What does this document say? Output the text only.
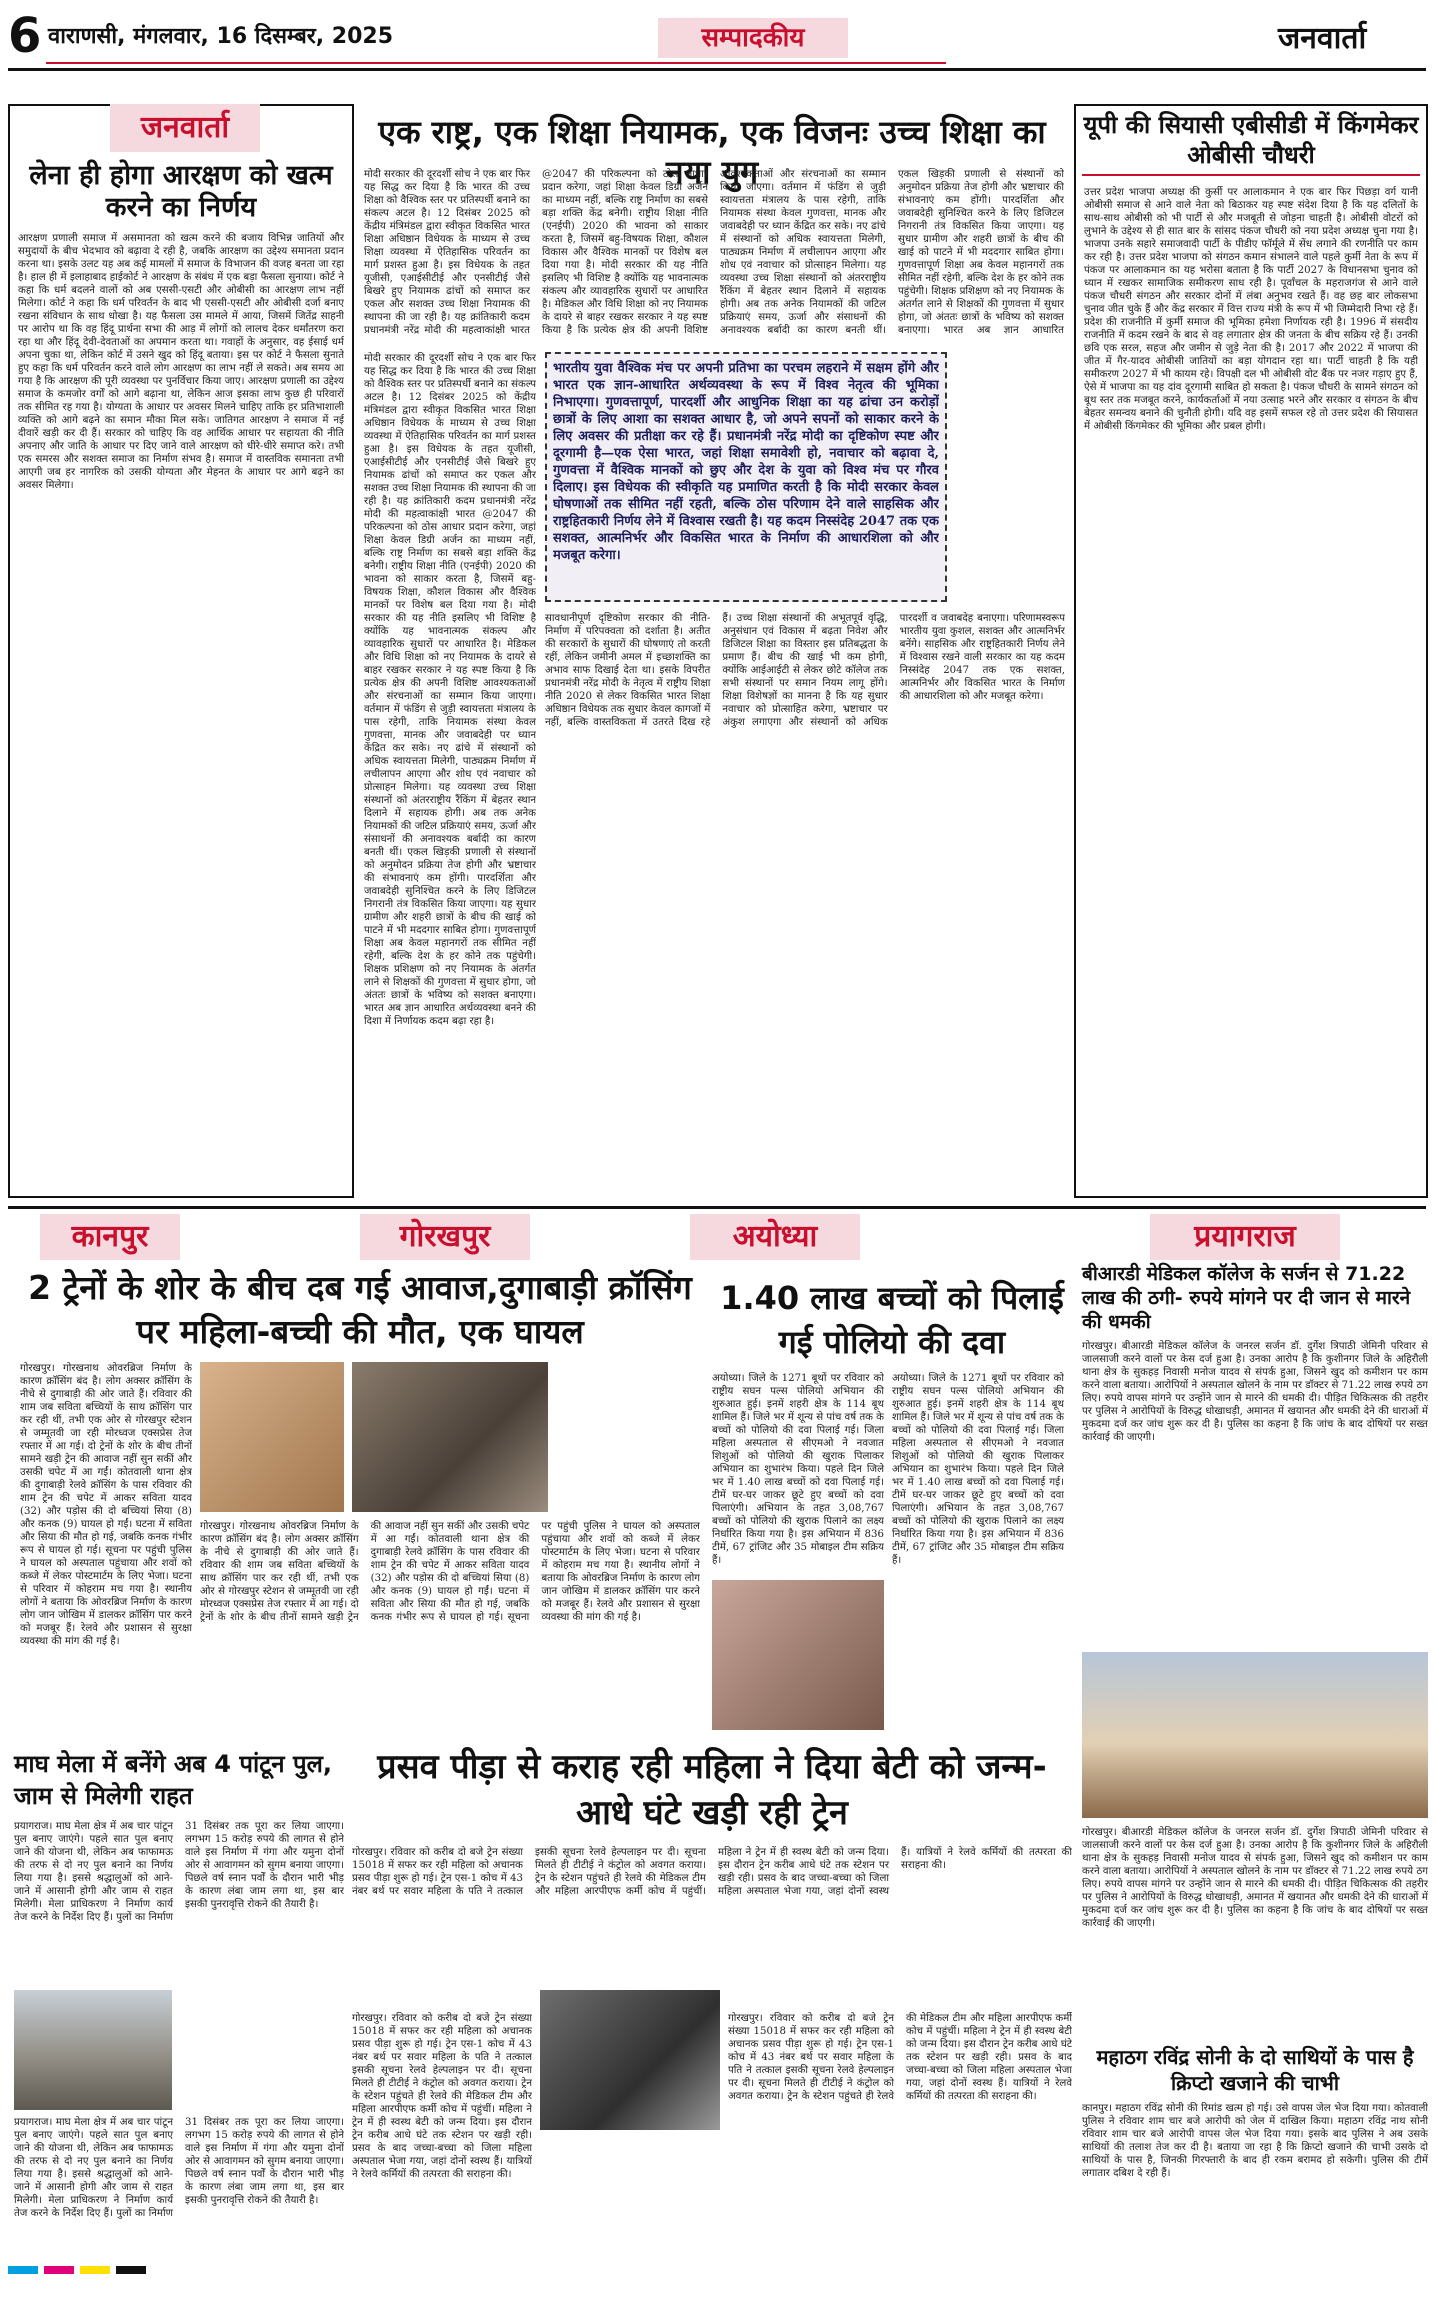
6 वाराणसी, मंगलवार, 16 दिसम्बर, 2025	सम्पादकीय	जनवार्ता
जनवार्ता
लेना ही होगा आरक्षण को खत्म करने का निर्णय
आरक्षण प्रणाली समाज में असमानता को खत्म करने की बजाय विभिन्न जातियों और समुदायों के बीच भेदभाव को बढ़ावा दे रही है, जबकि आरक्षण का उद्देश्य समानता प्रदान करना था। इसके उलट यह अब कई मामलों में समाज के विभाजन की वजह बनता जा रहा है। हाल ही में इलाहाबाद हाईकोर्ट ने आरक्षण के संबंध में एक बड़ा फैसला सुनाया। कोर्ट ने कहा कि धर्म बदलने वालों को अब एससी-एसटी और ओबीसी का आरक्षण लाभ नहीं मिलेगा। कोर्ट ने कहा कि धर्म परिवर्तन के बाद भी एससी-एसटी और ओबीसी दर्जा बनाए रखना संविधान के साथ धोखा है। यह फैसला उस मामले में आया, जिसमें जितेंद्र साहनी पर आरोप था कि वह हिंदू प्रार्थना सभा की आड़ में लोगों को लालच देकर धर्मांतरण करा रहा था और हिंदू देवी-देवताओं का अपमान करता था। गवाहों के अनुसार, वह ईसाई धर्म अपना चुका था, लेकिन कोर्ट में उसने खुद को हिंदू बताया। इस पर कोर्ट ने फैसला सुनाते हुए कहा कि धर्म परिवर्तन करने वाले लोग आरक्षण का लाभ नहीं ले सकते। अब समय आ गया है कि आरक्षण की पूरी व्यवस्था पर पुनर्विचार किया जाए। आरक्षण प्रणाली का उद्देश्य समाज के कमजोर वर्गों को आगे बढ़ाना था, लेकिन आज इसका लाभ कुछ ही परिवारों तक सीमित रह गया है। योग्यता के आधार पर अवसर मिलने चाहिए ताकि हर प्रतिभाशाली व्यक्ति को आगे बढ़ने का समान मौका मिल सके। जातिगत आरक्षण ने समाज में नई दीवारें खड़ी कर दी हैं। सरकार को चाहिए कि वह आर्थिक आधार पर सहायता की नीति अपनाए और जाति के आधार पर दिए जाने वाले आरक्षण को धीरे-धीरे समाप्त करे। तभी एक समरस और सशक्त समाज का निर्माण संभव है। समाज में वास्तविक समानता तभी आएगी जब हर नागरिक को उसकी योग्यता और मेहनत के आधार पर आगे बढ़ने का अवसर मिलेगा।
एक राष्ट्र, एक शिक्षा नियामक, एक विजनः उच्च शिक्षा का नया युग
मोदी सरकार की दूरदर्शी सोच ने एक बार फिर यह सिद्ध कर दिया है कि भारत की उच्च शिक्षा को वैश्विक स्तर पर प्रतिस्पर्धी बनाने का संकल्प अटल है। 12 दिसंबर 2025 को केंद्रीय मंत्रिमंडल द्वारा स्वीकृत विकसित भारत शिक्षा अधिष्ठान विधेयक के माध्यम से उच्च शिक्षा व्यवस्था में ऐतिहासिक परिवर्तन का मार्ग प्रशस्त हुआ है। इस विधेयक के तहत यूजीसी, एआईसीटीई और एनसीटीई जैसे बिखरे हुए नियामक ढांचों को समाप्त कर एकल और सशक्त उच्च शिक्षा नियामक की स्थापना की जा रही है। यह क्रांतिकारी कदम प्रधानमंत्री नरेंद्र मोदी की महत्वाकांक्षी भारत @2047 की परिकल्पना को ठोस आधार प्रदान करेगा, जहां शिक्षा केवल डिग्री अर्जन का माध्यम नहीं, बल्कि राष्ट्र निर्माण का सबसे बड़ा शक्ति केंद्र बनेगी। राष्ट्रीय शिक्षा नीति (एनईपी) 2020 की भावना को साकार करता है, जिसमें बहु-विषयक शिक्षा, कौशल विकास और वैश्विक मानकों पर विशेष बल दिया गया है। मोदी सरकार की यह नीति इसलिए भी विशिष्ट है क्योंकि यह भावनात्मक संकल्प और व्यावहारिक सुधारों पर आधारित है। मेडिकल और विधि शिक्षा को नए नियामक के दायरे से बाहर रखकर सरकार ने यह स्पष्ट किया है कि प्रत्येक क्षेत्र की अपनी विशिष्ट आवश्यकताओं और संरचनाओं का सम्मान किया जाएगा। वर्तमान में फंडिंग से जुड़ी स्वायत्तता मंत्रालय के पास रहेगी, ताकि नियामक संस्था केवल गुणवत्ता, मानक और जवाबदेही पर ध्यान केंद्रित कर सके। नए ढांचे में संस्थानों को अधिक स्वायत्तता मिलेगी, पाठ्यक्रम निर्माण में लचीलापन आएगा और शोध एवं नवाचार को प्रोत्साहन मिलेगा। यह व्यवस्था उच्च शिक्षा संस्थानों को अंतरराष्ट्रीय रैंकिंग में बेहतर स्थान दिलाने में सहायक होगी। अब तक अनेक नियामकों की जटिल प्रक्रियाएं समय, ऊर्जा और संसाधनों की अनावश्यक बर्बादी का कारण बनती थीं। एकल खिड़की प्रणाली से संस्थानों को अनुमोदन प्रक्रिया तेज होगी और भ्रष्टाचार की संभावनाएं कम होंगी। पारदर्शिता और जवाबदेही सुनिश्चित करने के लिए डिजिटल निगरानी तंत्र विकसित किया जाएगा। यह सुधार ग्रामीण और शहरी छात्रों के बीच की खाई को पाटने में भी मददगार साबित होगा। गुणवत्तापूर्ण शिक्षा अब केवल महानगरों तक सीमित नहीं रहेगी, बल्कि देश के हर कोने तक पहुंचेगी। शिक्षक प्रशिक्षण को नए नियामक के अंतर्गत लाने से शिक्षकों की गुणवत्ता में सुधार होगा, जो अंततः छात्रों के भविष्य को सशक्त बनाएगा। भारत अब ज्ञान आधारित
भारतीय युवा वैश्विक मंच पर अपनी प्रतिभा का परचम लहराने में सक्षम होंगे और भारत एक ज्ञान-आधारित अर्थव्यवस्था के रूप में विश्व नेतृत्व की भूमिका निभाएगा। गुणवत्तापूर्ण, पारदर्शी और आधुनिक शिक्षा का यह ढांचा उन करोड़ों छात्रों के लिए आशा का सशक्त आधार है, जो अपने सपनों को साकार करने के लिए अवसर की प्रतीक्षा कर रहे हैं। प्रधानमंत्री नरेंद्र मोदी का दृष्टिकोण स्पष्ट और दूरगामी है—एक ऐसा भारत, जहां शिक्षा समावेशी हो, नवाचार को बढ़ावा दे, गुणवत्ता में वैश्विक मानकों को छुए और देश के युवा को विश्व मंच पर गौरव दिलाए। इस विधेयक की स्वीकृति यह प्रमाणित करती है कि मोदी सरकार केवल घोषणाओं तक सीमित नहीं रहती, बल्कि ठोस परिणाम देने वाले साहसिक और राष्ट्रहितकारी निर्णय लेने में विश्वास रखती है। यह कदम निस्संदेह 2047 तक एक सशक्त, आत्मनिर्भर और विकसित भारत के निर्माण की आधारशिला को और मजबूत करेगा।
मोदी सरकार की दूरदर्शी सोच ने एक बार फिर यह सिद्ध कर दिया है कि भारत की उच्च शिक्षा को वैश्विक स्तर पर प्रतिस्पर्धी बनाने का संकल्प अटल है। 12 दिसंबर 2025 को केंद्रीय मंत्रिमंडल द्वारा स्वीकृत विकसित भारत शिक्षा अधिष्ठान विधेयक के माध्यम से उच्च शिक्षा व्यवस्था में ऐतिहासिक परिवर्तन का मार्ग प्रशस्त हुआ है। इस विधेयक के तहत यूजीसी, एआईसीटीई और एनसीटीई जैसे बिखरे हुए नियामक ढांचों को समाप्त कर एकल और सशक्त उच्च शिक्षा नियामक की स्थापना की जा रही है। यह क्रांतिकारी कदम प्रधानमंत्री नरेंद्र मोदी की महत्वाकांक्षी भारत @2047 की परिकल्पना को ठोस आधार प्रदान करेगा, जहां शिक्षा केवल डिग्री अर्जन का माध्यम नहीं, बल्कि राष्ट्र निर्माण का सबसे बड़ा शक्ति केंद्र बनेगी। राष्ट्रीय शिक्षा नीति (एनईपी) 2020 की भावना को साकार करता है, जिसमें बहु-विषयक शिक्षा, कौशल विकास और वैश्विक मानकों पर विशेष बल दिया गया है। मोदी सरकार की यह नीति इसलिए भी विशिष्ट है क्योंकि यह भावनात्मक संकल्प और व्यावहारिक सुधारों पर आधारित है। मेडिकल और विधि शिक्षा को नए नियामक के दायरे से बाहर रखकर सरकार ने यह स्पष्ट किया है कि प्रत्येक क्षेत्र की अपनी विशिष्ट आवश्यकताओं और संरचनाओं का सम्मान किया जाएगा। वर्तमान में फंडिंग से जुड़ी स्वायत्तता मंत्रालय के पास रहेगी, ताकि नियामक संस्था केवल गुणवत्ता, मानक और जवाबदेही पर ध्यान केंद्रित कर सके। नए ढांचे में संस्थानों को अधिक स्वायत्तता मिलेगी, पाठ्यक्रम निर्माण में लचीलापन आएगा और शोध एवं नवाचार को प्रोत्साहन मिलेगा। यह व्यवस्था उच्च शिक्षा संस्थानों को अंतरराष्ट्रीय रैंकिंग में बेहतर स्थान दिलाने में सहायक होगी। अब तक अनेक नियामकों की जटिल प्रक्रियाएं समय, ऊर्जा और संसाधनों की अनावश्यक बर्बादी का कारण बनती थीं। एकल खिड़की प्रणाली से संस्थानों को अनुमोदन प्रक्रिया तेज होगी और भ्रष्टाचार की संभावनाएं कम होंगी। पारदर्शिता और जवाबदेही सुनिश्चित करने के लिए डिजिटल निगरानी तंत्र विकसित किया जाएगा। यह सुधार ग्रामीण और शहरी छात्रों के बीच की खाई को पाटने में भी मददगार साबित होगा। गुणवत्तापूर्ण शिक्षा अब केवल महानगरों तक सीमित नहीं रहेगी, बल्कि देश के हर कोने तक पहुंचेगी। शिक्षक प्रशिक्षण को नए नियामक के अंतर्गत लाने से शिक्षकों की गुणवत्ता में सुधार होगा, जो अंततः छात्रों के भविष्य को सशक्त बनाएगा। भारत अब ज्ञान आधारित अर्थव्यवस्था बनने की दिशा में निर्णायक कदम बढ़ा रहा है।
सावधानीपूर्ण दृष्टिकोण सरकार की नीति-निर्माण में परिपक्वता को दर्शाता है। अतीत की सरकारों के सुधारों की घोषणाएं तो करती रहीं, लेकिन जमीनी अमल में इच्छाशक्ति का अभाव साफ दिखाई देता था। इसके विपरीत प्रधानमंत्री नरेंद्र मोदी के नेतृत्व में राष्ट्रीय शिक्षा नीति 2020 से लेकर विकसित भारत शिक्षा अधिष्ठान विधेयक तक सुधार केवल कागजों में नहीं, बल्कि वास्तविकता में उतरते दिख रहे हैं। उच्च शिक्षा संस्थानों की अभूतपूर्व वृद्धि, अनुसंधान एवं विकास में बढ़ता निवेश और डिजिटल शिक्षा का विस्तार इस प्रतिबद्धता के प्रमाण हैं। बीच की खाई भी कम होगी, क्योंकि आईआईटी से लेकर छोटे कॉलेज तक सभी संस्थानों पर समान नियम लागू होंगे। शिक्षा विशेषज्ञों का मानना है कि यह सुधार नवाचार को प्रोत्साहित करेगा, भ्रष्टाचार पर अंकुश लगाएगा और संस्थानों को अधिक पारदर्शी व जवाबदेह बनाएगा। परिणामस्वरूप भारतीय युवा कुशल, सशक्त और आत्मनिर्भर बनेंगे। साहसिक और राष्ट्रहितकारी निर्णय लेने में विश्वास रखने वाली सरकार का यह कदम निस्संदेह 2047 तक एक सशक्त, आत्मनिर्भर और विकसित भारत के निर्माण की आधारशिला को और मजबूत करेगा।
यूपी की सियासी एबीसीडी में किंगमेकर ओबीसी चौधरी
उत्तर प्रदेश भाजपा अध्यक्ष की कुर्सी पर आलाकमान ने एक बार फिर पिछड़ा वर्ग यानी ओबीसी समाज से आने वाले नेता को बिठाकर यह स्पष्ट संदेश दिया है कि यह दलितों के साथ-साथ ओबीसी को भी पार्टी से और मजबूती से जोड़ना चाहती है। ओबीसी वोटरों को लुभाने के उद्देश्य से ही सात बार के सांसद पंकज चौधरी को नया प्रदेश अध्यक्ष चुना गया है। भाजपा उनके सहारे समाजवादी पार्टी के पीडीए फॉर्मूले में सेंध लगाने की रणनीति पर काम कर रही है। उत्तर प्रदेश भाजपा को संगठन कमान संभालने वाले पहले कुर्मी नेता के रूप में पंकज पर आलाकमान का यह भरोसा बताता है कि पार्टी 2027 के विधानसभा चुनाव को ध्यान में रखकर सामाजिक समीकरण साध रही है। पूर्वांचल के महराजगंज से आने वाले पंकज चौधरी संगठन और सरकार दोनों में लंबा अनुभव रखते हैं। वह छह बार लोकसभा चुनाव जीत चुके हैं और केंद्र सरकार में वित्त राज्य मंत्री के रूप में भी जिम्मेदारी निभा रहे हैं। प्रदेश की राजनीति में कुर्मी समाज की भूमिका हमेशा निर्णायक रही है। 1996 में संसदीय राजनीति में कदम रखने के बाद से वह लगातार क्षेत्र की जनता के बीच सक्रिय रहे हैं। उनकी छवि एक सरल, सहज और जमीन से जुड़े नेता की है। 2017 और 2022 में भाजपा की जीत में गैर-यादव ओबीसी जातियों का बड़ा योगदान रहा था। पार्टी चाहती है कि यही समीकरण 2027 में भी कायम रहे। विपक्षी दल भी ओबीसी वोट बैंक पर नजर गड़ाए हुए हैं, ऐसे में भाजपा का यह दांव दूरगामी साबित हो सकता है। पंकज चौधरी के सामने संगठन को बूथ स्तर तक मजबूत करने, कार्यकर्ताओं में नया उत्साह भरने और सरकार व संगठन के बीच बेहतर समन्वय बनाने की चुनौती होगी। यदि वह इसमें सफल रहे तो उत्तर प्रदेश की सियासत में ओबीसी किंगमेकर की भूमिका और प्रबल होगी।
कानपुर	गोरखपुर	अयोध्या	प्रयागराज
2 ट्रेनों के शोर के बीच दब गई आवाज,दुगाबाड़ी क्रॉसिंग पर महिला-बच्ची की मौत, एक घायल
गोरखपुर। गोरखनाथ ओवरब्रिज निर्माण के कारण क्रॉसिंग बंद है। लोग अक्सर क्रॉसिंग के नीचे से दुगाबाड़ी की ओर जाते हैं। रविवार की शाम जब सविता बच्चियों के साथ क्रॉसिंग पार कर रही थीं, तभी एक ओर से गोरखपुर स्टेशन से जम्मूतवी जा रही मोरध्वज एक्सप्रेस तेज रफ्तार में आ गई। दो ट्रेनों के शोर के बीच तीनों सामने खड़ी ट्रेन की आवाज नहीं सुन सकीं और उसकी चपेट में आ गईं। कोतवाली थाना क्षेत्र की दुगाबाड़ी रेलवे क्रॉसिंग के पास रविवार की शाम ट्रेन की चपेट में आकर सविता यादव (32) और पड़ोस की दो बच्चियां सिया (8) और कनक (9) घायल हो गईं। घटना में सविता और सिया की मौत हो गई, जबकि कनक गंभीर रूप से घायल हो गई। सूचना पर पहुंची पुलिस ने घायल को अस्पताल पहुंचाया और शवों को कब्जे में लेकर पोस्टमार्टम के लिए भेजा। घटना से परिवार में कोहराम मच गया है। स्थानीय लोगों ने बताया कि ओवरब्रिज निर्माण के कारण लोग जान जोखिम में डालकर क्रॉसिंग पार करने को मजबूर हैं। रेलवे और प्रशासन से सुरक्षा व्यवस्था की मांग की गई है।
गोरखपुर। गोरखनाथ ओवरब्रिज निर्माण के कारण क्रॉसिंग बंद है। लोग अक्सर क्रॉसिंग के नीचे से दुगाबाड़ी की ओर जाते हैं। रविवार की शाम जब सविता बच्चियों के साथ क्रॉसिंग पार कर रही थीं, तभी एक ओर से गोरखपुर स्टेशन से जम्मूतवी जा रही मोरध्वज एक्सप्रेस तेज रफ्तार में आ गई। दो ट्रेनों के शोर के बीच तीनों सामने खड़ी ट्रेन की आवाज नहीं सुन सकीं और उसकी चपेट में आ गईं। कोतवाली थाना क्षेत्र की दुगाबाड़ी रेलवे क्रॉसिंग के पास रविवार की शाम ट्रेन की चपेट में आकर सविता यादव (32) और पड़ोस की दो बच्चियां सिया (8) और कनक (9) घायल हो गईं। घटना में सविता और सिया की मौत हो गई, जबकि कनक गंभीर रूप से घायल हो गई। सूचना पर पहुंची पुलिस ने घायल को अस्पताल पहुंचाया और शवों को कब्जे में लेकर पोस्टमार्टम के लिए भेजा। घटना से परिवार में कोहराम मच गया है। स्थानीय लोगों ने बताया कि ओवरब्रिज निर्माण के कारण लोग जान जोखिम में डालकर क्रॉसिंग पार करने को मजबूर हैं। रेलवे और प्रशासन से सुरक्षा व्यवस्था की मांग की गई है।
1.40 लाख बच्चों को पिलाई गई पोलियो की दवा
अयोध्या। जिले के 1271 बूथों पर रविवार को राष्ट्रीय सघन पल्स पोलियो अभियान की शुरुआत हुई। इनमें शहरी क्षेत्र के 114 बूथ शामिल हैं। जिले भर में शून्य से पांच वर्ष तक के बच्चों को पोलियो की दवा पिलाई गई। जिला महिला अस्पताल से सीएमओ ने नवजात शिशुओं को पोलियो की खुराक पिलाकर अभियान का शुभारंभ किया। पहले दिन जिले भर में 1.40 लाख बच्चों को दवा पिलाई गई। टीमें घर-घर जाकर छूटे हुए बच्चों को दवा पिलाएंगी। अभियान के तहत 3,08,767 बच्चों को पोलियो की खुराक पिलाने का लक्ष्य निर्धारित किया गया है। इस अभियान में 836 टीमें, 67 ट्रांजिट और 35 मोबाइल टीम सक्रिय हैं।
अयोध्या। जिले के 1271 बूथों पर रविवार को राष्ट्रीय सघन पल्स पोलियो अभियान की शुरुआत हुई। इनमें शहरी क्षेत्र के 114 बूथ शामिल हैं। जिले भर में शून्य से पांच वर्ष तक के बच्चों को पोलियो की दवा पिलाई गई। जिला महिला अस्पताल से सीएमओ ने नवजात शिशुओं को पोलियो की खुराक पिलाकर अभियान का शुभारंभ किया। पहले दिन जिले भर में 1.40 लाख बच्चों को दवा पिलाई गई। टीमें घर-घर जाकर छूटे हुए बच्चों को दवा पिलाएंगी। अभियान के तहत 3,08,767 बच्चों को पोलियो की खुराक पिलाने का लक्ष्य निर्धारित किया गया है। इस अभियान में 836 टीमें, 67 ट्रांजिट और 35 मोबाइल टीम सक्रिय हैं।
बीआरडी मेडिकल कॉलेज के सर्जन से 71.22 लाख की ठगी- रुपये मांगने पर दी जान से मारने की धमकी
गोरखपुर। बीआरडी मेडिकल कॉलेज के जनरल सर्जन डॉ. दुर्गेश त्रिपाठी जेमिनी परिवार से जालसाजी करने वालों पर केस दर्ज हुआ है। उनका आरोप है कि कुशीनगर जिले के अहिरौली थाना क्षेत्र के सुकहड़ निवासी मनोज यादव से संपर्क हुआ, जिसने खुद को कमीशन पर काम करने वाला बताया। आरोपियों ने अस्पताल खोलने के नाम पर डॉक्टर से 71.22 लाख रुपये ठग लिए। रुपये वापस मांगने पर उन्होंने जान से मारने की धमकी दी। पीड़ित चिकित्सक की तहरीर पर पुलिस ने आरोपियों के विरुद्ध धोखाधड़ी, अमानत में खयानत और धमकी देने की धाराओं में मुकदमा दर्ज कर जांच शुरू कर दी है। पुलिस का कहना है कि जांच के बाद दोषियों पर सख्त कार्रवाई की जाएगी।
गोरखपुर। बीआरडी मेडिकल कॉलेज के जनरल सर्जन डॉ. दुर्गेश त्रिपाठी जेमिनी परिवार से जालसाजी करने वालों पर केस दर्ज हुआ है। उनका आरोप है कि कुशीनगर जिले के अहिरौली थाना क्षेत्र के सुकहड़ निवासी मनोज यादव से संपर्क हुआ, जिसने खुद को कमीशन पर काम करने वाला बताया। आरोपियों ने अस्पताल खोलने के नाम पर डॉक्टर से 71.22 लाख रुपये ठग लिए। रुपये वापस मांगने पर उन्होंने जान से मारने की धमकी दी। पीड़ित चिकित्सक की तहरीर पर पुलिस ने आरोपियों के विरुद्ध धोखाधड़ी, अमानत में खयानत और धमकी देने की धाराओं में मुकदमा दर्ज कर जांच शुरू कर दी है। पुलिस का कहना है कि जांच के बाद दोषियों पर सख्त कार्रवाई की जाएगी।
महाठग रविंद्र सोनी के दो साथियों के पास है क्रिप्टो खजाने की चाभी
कानपुर। महाठग रविंद्र सोनी की रिमांड खत्म हो गई। उसे वापस जेल भेज दिया गया। कोतवाली पुलिस ने रविवार शाम चार बजे आरोपी को जेल में दाखिल किया। महाठग रविंद्र नाथ सोनी रविवार शाम चार बजे आरोपी वापस जेल भेज दिया गया। इसके बाद पुलिस ने अब उसके साथियों की तलाश तेज कर दी है। बताया जा रहा है कि क्रिप्टो खजाने की चाभी उसके दो साथियों के पास है, जिनकी गिरफ्तारी के बाद ही रकम बरामद हो सकेगी। पुलिस की टीमें लगातार दबिश दे रही हैं।
माघ मेला में बनेंगे अब 4 पांटून पुल, जाम से मिलेगी राहत
प्रयागराज। माघ मेला क्षेत्र में अब चार पांटून पुल बनाए जाएंगे। पहले सात पुल बनाए जाने की योजना थी, लेकिन अब फाफामऊ की तरफ से दो नए पुल बनाने का निर्णय लिया गया है। इससे श्रद्धालुओं को आने-जाने में आसानी होगी और जाम से राहत मिलेगी। मेला प्राधिकरण ने निर्माण कार्य तेज करने के निर्देश दिए हैं। पुलों का निर्माण 31 दिसंबर तक पूरा कर लिया जाएगा। लगभग 15 करोड़ रुपये की लागत से होने वाले इस निर्माण में गंगा और यमुना दोनों ओर से आवागमन को सुगम बनाया जाएगा। पिछले वर्ष स्नान पर्वों के दौरान भारी भीड़ के कारण लंबा जाम लगा था, इस बार इसकी पुनरावृत्ति रोकने की तैयारी है।
प्रयागराज। माघ मेला क्षेत्र में अब चार पांटून पुल बनाए जाएंगे। पहले सात पुल बनाए जाने की योजना थी, लेकिन अब फाफामऊ की तरफ से दो नए पुल बनाने का निर्णय लिया गया है। इससे श्रद्धालुओं को आने-जाने में आसानी होगी और जाम से राहत मिलेगी। मेला प्राधिकरण ने निर्माण कार्य तेज करने के निर्देश दिए हैं। पुलों का निर्माण 31 दिसंबर तक पूरा कर लिया जाएगा। लगभग 15 करोड़ रुपये की लागत से होने वाले इस निर्माण में गंगा और यमुना दोनों ओर से आवागमन को सुगम बनाया जाएगा। पिछले वर्ष स्नान पर्वों के दौरान भारी भीड़ के कारण लंबा जाम लगा था, इस बार इसकी पुनरावृत्ति रोकने की तैयारी है।
प्रसव पीड़ा से कराह रही महिला ने दिया बेटी को जन्म- आधे घंटे खड़ी रही ट्रेन
गोरखपुर। रविवार को करीब दो बजे ट्रेन संख्या 15018 में सफर कर रही महिला को अचानक प्रसव पीड़ा शुरू हो गई। ट्रेन एस-1 कोच में 43 नंबर बर्थ पर सवार महिला के पति ने तत्काल इसकी सूचना रेलवे हेल्पलाइन पर दी। सूचना मिलते ही टीटीई ने कंट्रोल को अवगत कराया। ट्रेन के स्टेशन पहुंचते ही रेलवे की मेडिकल टीम और महिला आरपीएफ कर्मी कोच में पहुंचीं। महिला ने ट्रेन में ही स्वस्थ बेटी को जन्म दिया। इस दौरान ट्रेन करीब आधे घंटे तक स्टेशन पर खड़ी रही। प्रसव के बाद जच्चा-बच्चा को जिला महिला अस्पताल भेजा गया, जहां दोनों स्वस्थ हैं। यात्रियों ने रेलवे कर्मियों की तत्परता की सराहना की।
गोरखपुर। रविवार को करीब दो बजे ट्रेन संख्या 15018 में सफर कर रही महिला को अचानक प्रसव पीड़ा शुरू हो गई। ट्रेन एस-1 कोच में 43 नंबर बर्थ पर सवार महिला के पति ने तत्काल इसकी सूचना रेलवे हेल्पलाइन पर दी। सूचना मिलते ही टीटीई ने कंट्रोल को अवगत कराया। ट्रेन के स्टेशन पहुंचते ही रेलवे की मेडिकल टीम और महिला आरपीएफ कर्मी कोच में पहुंचीं। महिला ने ट्रेन में ही स्वस्थ बेटी को जन्म दिया। इस दौरान ट्रेन करीब आधे घंटे तक स्टेशन पर खड़ी रही। प्रसव के बाद जच्चा-बच्चा को जिला महिला अस्पताल भेजा गया, जहां दोनों स्वस्थ हैं। यात्रियों ने रेलवे कर्मियों की तत्परता की सराहना की।
गोरखपुर। रविवार को करीब दो बजे ट्रेन संख्या 15018 में सफर कर रही महिला को अचानक प्रसव पीड़ा शुरू हो गई। ट्रेन एस-1 कोच में 43 नंबर बर्थ पर सवार महिला के पति ने तत्काल इसकी सूचना रेलवे हेल्पलाइन पर दी। सूचना मिलते ही टीटीई ने कंट्रोल को अवगत कराया। ट्रेन के स्टेशन पहुंचते ही रेलवे की मेडिकल टीम और महिला आरपीएफ कर्मी कोच में पहुंचीं। महिला ने ट्रेन में ही स्वस्थ बेटी को जन्म दिया। इस दौरान ट्रेन करीब आधे घंटे तक स्टेशन पर खड़ी रही। प्रसव के बाद जच्चा-बच्चा को जिला महिला अस्पताल भेजा गया, जहां दोनों स्वस्थ हैं। यात्रियों ने रेलवे कर्मियों की तत्परता की सराहना की।
